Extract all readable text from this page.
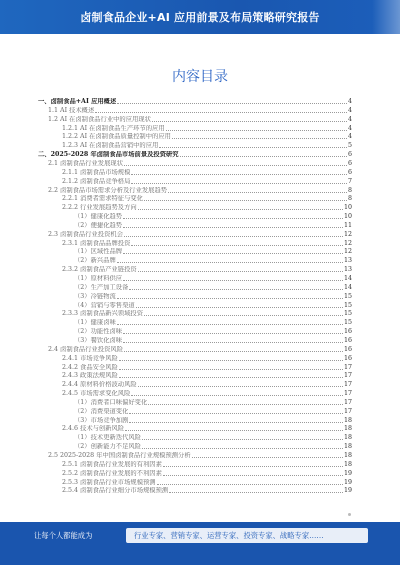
卤制食品企业+AI 应用前景及布局策略研究报告
内容目录
一、卤制食品+AI 应用概述	4
1.1 AI 技术概述	4
1.2 AI 在卤制食品行业中的应用现状	4
1.2.1 AI 在卤制食品生产环节的应用	4
1.2.2 AI 在卤制食品质量控制中的应用	4
1.2.3 AI 在卤制食品营销中的应用	5
二、2025-2028 年卤制食品市场前景及投资研究	6
2.1 卤制食品行业发展现状	6
2.1.1 卤制食品市场规模	6
2.1.2 卤制食品竞争格局	7
2.2 卤制食品市场需求分析及行业发展趋势	8
2.2.1 消费者需求特征与变化	8
2.2.2 行业发展趋势及方向	10
（1）健康化趋势	10
（2）便捷化趋势	11
2.3 卤制食品行业投资机会	12
2.3.1 卤制食品品牌投资	12
（1）区域性品牌	12
（2）新兴品牌	13
2.3.2 卤制食品产业链投资	13
（1）原材料供应	14
（2）生产加工设备	14
（3）冷链物流	15
（4）营销与零售渠道	15
2.3.3 卤制食品新兴领域投资	15
（1）健康卤味	15
（2）功能性卤味	16
（3）餐饮化卤味	16
2.4 卤制食品行业投资风险	16
2.4.1 市场竞争风险	16
2.4.2 食品安全风险	17
2.4.3 政策法规风险	17
2.4.4 原材料价格波动风险	17
2.4.5 市场需求变化风险	17
（1）消费者口味偏好变化	17
（2）消费渠道变化	17
（3）市场竞争加剧	18
2.4.6 技术与创新风险	18
（1）技术更新迭代风险	18
（2）创新能力不足风险	18
2.5 2025-2028 年中国卤制食品行业规模预测分析	18
2.5.1 卤制食品行业发展的有利因素	18
2.5.2 卤制食品行业发展的不利因素	19
2.5.3 卤制食品行业市场规模预测	19
2.5.4 卤制食品行业细分市场规模预测	19
让每个人都能成为	行业专家、营销专家、运营专家、投资专家、战略专家……
